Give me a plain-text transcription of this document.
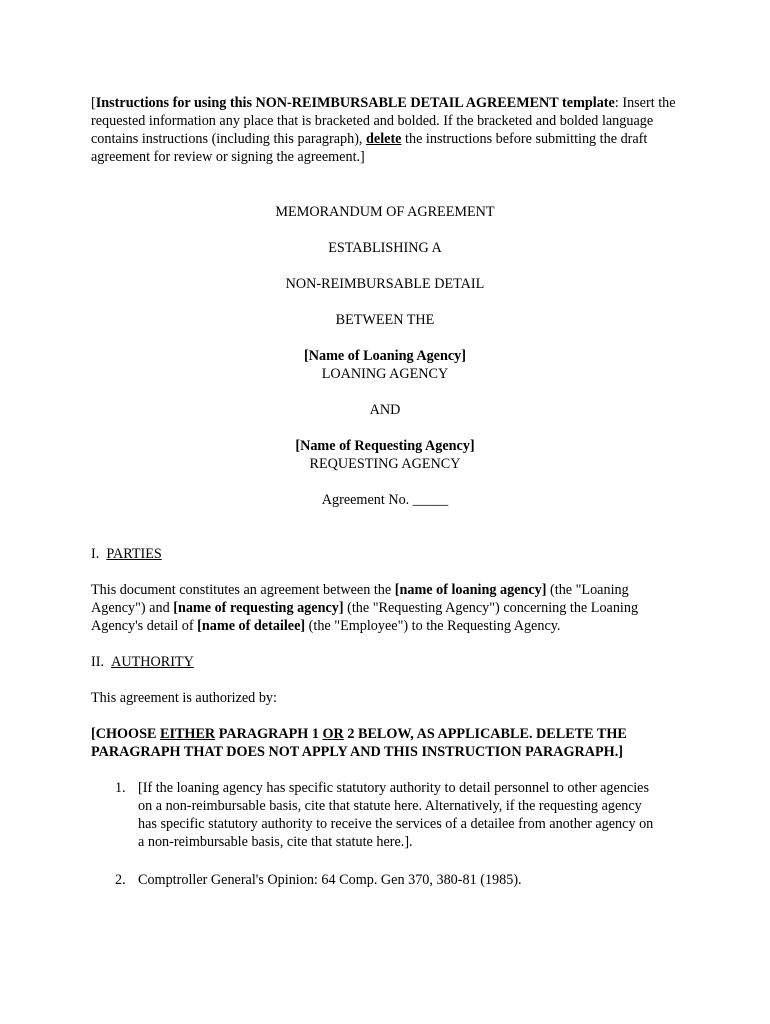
[Instructions for using this NON-REIMBURSABLE DETAIL AGREEMENT template: Insert the requested information any place that is bracketed and bolded. If the bracketed and bolded language contains instructions (including this paragraph), delete the instructions before submitting the draft agreement for review or signing the agreement.]
MEMORANDUM OF AGREEMENT
ESTABLISHING A
NON-REIMBURSABLE DETAIL
BETWEEN THE
[Name of Loaning Agency]
LOANING AGENCY
AND
[Name of Requesting Agency]
REQUESTING AGENCY
Agreement No. _____
I. PARTIES
This document constitutes an agreement between the [name of loaning agency] (the "Loaning Agency") and [name of requesting agency] (the "Requesting Agency") concerning the Loaning Agency's detail of [name of detailee] (the "Employee") to the Requesting Agency.
II. AUTHORITY
This agreement is authorized by:
[CHOOSE EITHER PARAGRAPH 1 OR 2 BELOW, AS APPLICABLE. DELETE THE PARAGRAPH THAT DOES NOT APPLY AND THIS INSTRUCTION PARAGRAPH.]
1. [If the loaning agency has specific statutory authority to detail personnel to other agencies on a non-reimbursable basis, cite that statute here. Alternatively, if the requesting agency has specific statutory authority to receive the services of a detailee from another agency on a non-reimbursable basis, cite that statute here.].
2. Comptroller General's Opinion: 64 Comp. Gen 370, 380-81 (1985).
